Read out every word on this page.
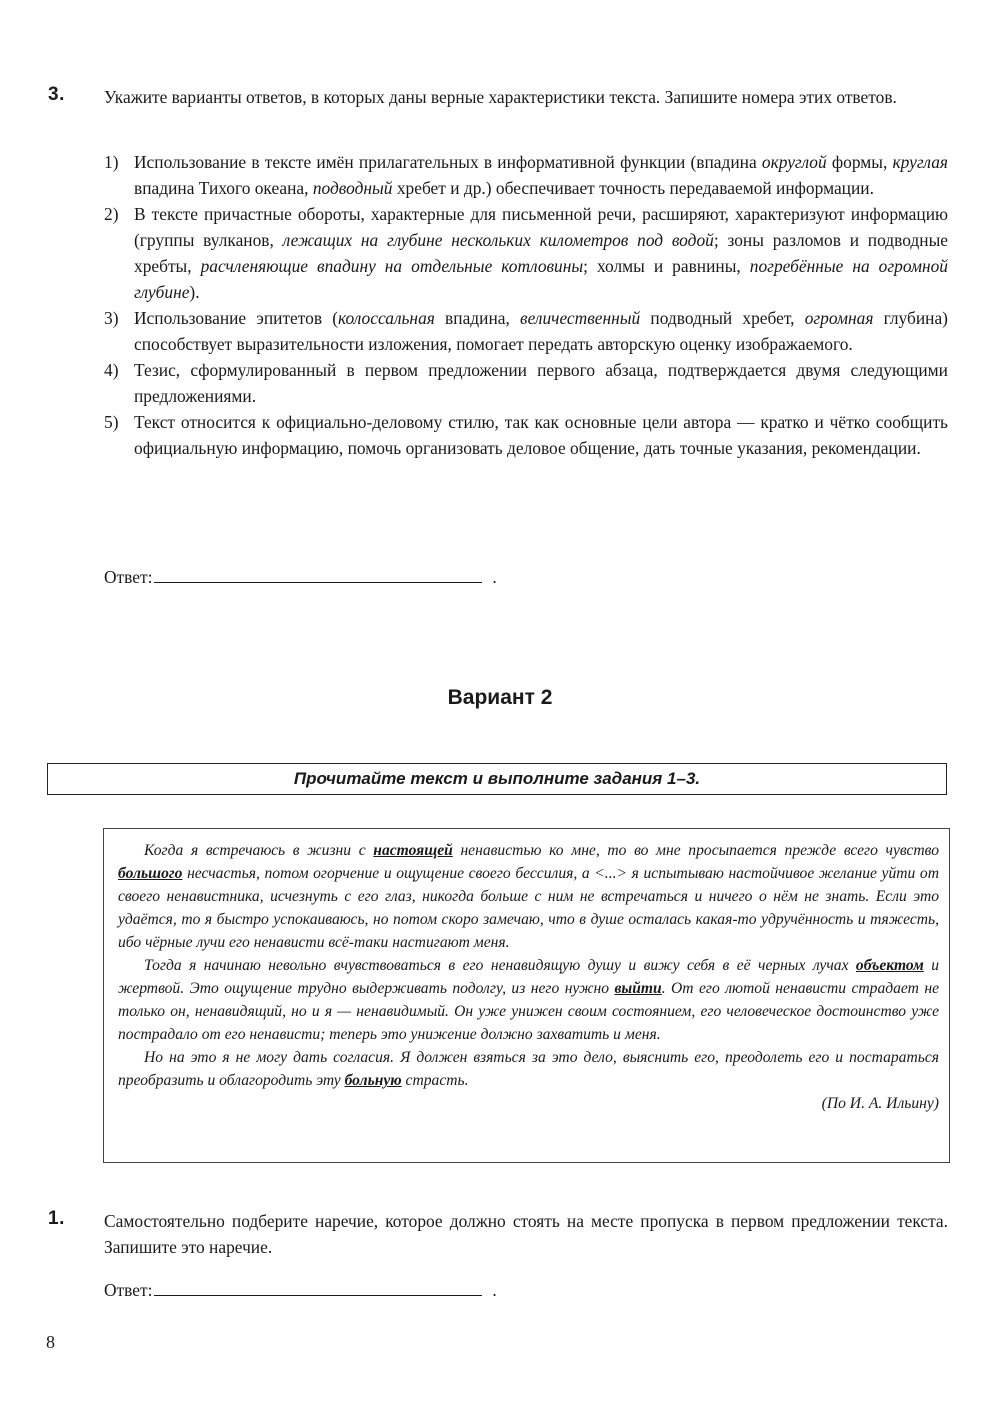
3. Укажите варианты ответов, в которых даны верные характеристики текста. Запишите номера этих ответов.
1) Использование в тексте имён прилагательных в информативной функции (впадина округлой формы, круглая впадина Тихого океана, подводный хребет и др.) обеспечивает точность передаваемой информации.
2) В тексте причастные обороты, характерные для письменной речи, расширяют, характеризуют информацию (группы вулканов, лежащих на глубине нескольких километров под водой; зоны разломов и подводные хребты, расчленяющие впадину на отдельные котловины; холмы и равнины, погребённые на огромной глубине).
3) Использование эпитетов (колоссальная впадина, величественный подводный хребет, огромная глубина) способствует выразительности изложения, помогает передать авторскую оценку изображаемого.
4) Тезис, сформулированный в первом предложении первого абзаца, подтверждается двумя следующими предложениями.
5) Текст относится к официально-деловому стилю, так как основные цели автора — кратко и чётко сообщить официальную информацию, помочь организовать деловое общение, дать точные указания, рекомендации.
Ответ:	.
Вариант 2
Прочитайте текст и выполните задания 1–3.

Когда я встречаюсь в жизни с настоящей ненавистью ко мне, то во мне просыпается прежде всего чувство большого несчастья, потом огорчение и ощущение своего бессилия, а <...> я испытываю настойчивое желание уйти от своего ненавистника, исчезнуть с его глаз, никогда больше с ним не встречаться и ничего о нём не знать. Если это удаётся, то я быстро успокаиваюсь, но потом скоро замечаю, что в душе осталась какая-то удручённость и тяжесть, ибо чёрные лучи его ненависти всё-таки настигают меня.

Тогда я начинаю невольно вчувствоваться в его ненавидящую душу и вижу себя в её черных лучах объектом и жертвой. Это ощущение трудно выдерживать подолгу, из него нужно выйти. От его лютой ненависти страдает не только он, ненавидящий, но и я — ненавидимый. Он уже унижен своим состоянием, его человеческое достоинство уже пострадало от его ненависти; теперь это унижение должно захватить и меня.

Но на это я не могу дать согласия. Я должен взяться за это дело, выяснить его, преодолеть его и постараться преобразить и облагородить эту больную страсть.

(По И. А. Ильину)
1. Самостоятельно подберите наречие, которое должно стоять на месте пропуска в первом предложении текста. Запишите это наречие.
Ответ:	.
8
